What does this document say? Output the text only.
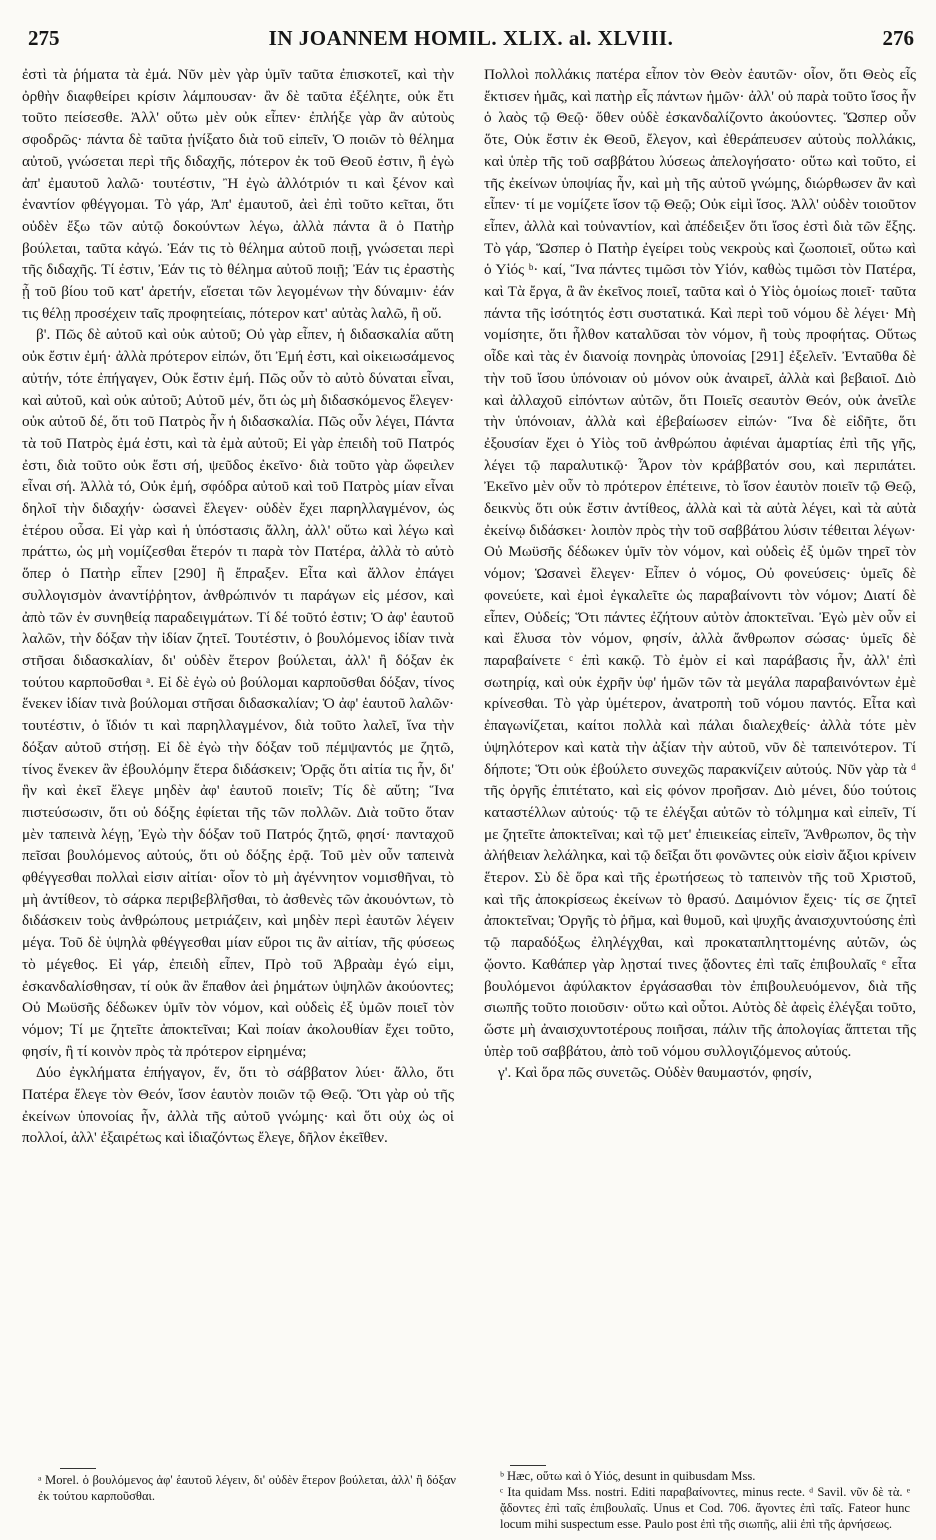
275	IN JOANNEM HOMIL. XLIX. al. XLVIII.	276

ἐστὶ τὰ ῥήματα τὰ ἐμά. Νῦν μὲν γὰρ ὑμῖν ταῦτα ἐπισκοτεῖ, καὶ τὴν ὀρθὴν διαφθείρει κρίσιν λάμπουσαν· ἂν δὲ ταῦτα ἐξέλητε, οὐκ ἔτι τοῦτο πείσεσθε. Ἀλλ' οὕτω μὲν οὐκ εἶπεν· ἐπλήξε γὰρ ἂν αὐτοὺς σφοδρῶς· πάντα δὲ ταῦτα ᾐνίξατο διὰ τοῦ εἰπεῖν, Ὁ ποιῶν τὸ θέλημα αὐτοῦ, γνώσεται περὶ τῆς διδαχῆς, πότερον ἐκ τοῦ Θεοῦ ἐστιν, ἢ ἐγὼ ἀπ' ἐμαυτοῦ λαλῶ· τουτέστιν, Ἢ ἐγὼ ἀλλότριόν τι καὶ ξένον καὶ ἐναντίον φθέγγομαι. Τὸ γάρ, Ἀπ' ἐμαυτοῦ, ἀεὶ ἐπὶ τοῦτο κεῖται, ὅτι οὐδὲν ἔξω τῶν αὐτῷ δοκούντων λέγω, ἀλλὰ πάντα ἃ ὁ Πατὴρ βούλεται, ταῦτα κἀγώ. Ἐάν τις τὸ θέλημα αὐτοῦ ποιῇ, γνώσεται περὶ τῆς διδαχῆς. Τί ἐστιν, Ἐάν τις τὸ θέλημα αὐτοῦ ποιῇ; Ἐάν τις ἐραστὴς ᾖ τοῦ βίου τοῦ κατ' ἀρετήν, εἴσεται τῶν λεγομένων τὴν δύναμιν· ἐάν τις θέλῃ προσέχειν ταῖς προφητείαις, πότερον κατ' αὐτὰς λαλῶ, ἢ οὔ.

β'. Πῶς δὲ αὐτοῦ καὶ οὐκ αὐτοῦ; Οὐ γὰρ εἶπεν, ἡ διδασκαλία αὕτη οὐκ ἔστιν ἐμή· ἀλλὰ πρότερον εἰπών, ὅτι Ἐμή ἐστι, καὶ οἰκειωσάμενος αὐτήν, τότε ἐπήγαγεν, Οὐκ ἔστιν ἐμή. Πῶς οὖν τὸ αὐτὸ δύναται εἶναι, καὶ αὐτοῦ, καὶ οὐκ αὐτοῦ; Αὐτοῦ μέν, ὅτι ὡς μὴ διδασκόμενος ἔλεγεν· οὐκ αὐτοῦ δέ, ὅτι τοῦ Πατρὸς ἦν ἡ διδασκαλία. Πῶς οὖν λέγει, Πάντα τὰ τοῦ Πατρὸς ἐμά ἐστι, καὶ τὰ ἐμὰ αὐτοῦ; Εἰ γὰρ ἐπειδὴ τοῦ Πατρός ἐστι, διὰ τοῦτο οὐκ ἔστι σή, ψεῦδος ἐκεῖνο· διὰ τοῦτο γὰρ ὤφειλεν εἶναι σή. Ἀλλὰ τό, Οὐκ ἐμή, σφόδρα αὐτοῦ καὶ τοῦ Πατρὸς μίαν εἶναι δηλοῖ τὴν διδαχήν· ὡσανεὶ ἔλεγεν· οὐδὲν ἔχει παρηλλαγμένον, ὡς ἑτέρου οὖσα. Εἰ γὰρ καὶ ἡ ὑπόστασις ἄλλη, ἀλλ' οὕτω καὶ λέγω καὶ πράττω, ὡς μὴ νομίζεσθαι ἕτερόν τι παρὰ τὸν Πατέρα, ἀλλὰ τὸ αὐτὸ ὅπερ ὁ Πατὴρ εἶπεν [290] ἢ ἔπραξεν. Εἶτα καὶ ἄλλον ἐπάγει συλλογισμὸν ἀναντίῤῥητον, ἀνθρώπινόν τι παράγων εἰς μέσον, καὶ ἀπὸ τῶν ἐν συνηθείᾳ παραδειγμάτων. Τί δέ τοῦτό ἐστιν; Ὁ ἀφ' ἑαυτοῦ λαλῶν, τὴν δόξαν τὴν ἰδίαν ζητεῖ. Τουτέστιν, ὁ βουλόμενος ἰδίαν τινὰ στῆσαι διδασκαλίαν, δι' οὐδὲν ἕτερον βούλεται, ἀλλ' ἢ δόξαν ἐκ τούτου καρποῦσθαι ᵃ. Εἰ δὲ ἐγὼ οὐ βούλομαι καρποῦσθαι δόξαν, τίνος ἕνεκεν ἰδίαν τινὰ βούλομαι στῆσαι διδασκαλίαν; Ὁ ἀφ' ἑαυτοῦ λαλῶν· τουτέστιν, ὁ ἴδιόν τι καὶ παρηλλαγμένον, διὰ τοῦτο λαλεῖ, ἵνα τὴν δόξαν αὐτοῦ στήσῃ. Εἰ δὲ ἐγὼ τὴν δόξαν τοῦ πέμψαντός με ζητῶ, τίνος ἕνεκεν ἂν ἐβουλόμην ἕτερα διδάσκειν; Ὁρᾷς ὅτι αἰτία τις ἦν, δι' ἣν καὶ ἐκεῖ ἔλεγε μηδὲν ἀφ' ἑαυτοῦ ποιεῖν; Τίς δὲ αὕτη; Ἵνα πιστεύσωσιν, ὅτι οὐ δόξης ἐφίεται τῆς τῶν πολλῶν. Διὰ τοῦτο ὅταν μὲν ταπεινὰ λέγῃ, Ἐγὼ τὴν δόξαν τοῦ Πατρός ζητῶ, φησί· πανταχοῦ πεῖσαι βουλόμενος αὐτούς, ὅτι οὐ δόξης ἐρᾷ. Τοῦ μὲν οὖν ταπεινὰ φθέγγεσθαι πολλαὶ εἰσιν αἰτίαι· οἷον τὸ μὴ ἀγέννητον νομισθῆναι, τὸ μὴ ἀντίθεον, τὸ σάρκα περιβεβλῆσθαι, τὸ ἀσθενὲς τῶν ἀκουόντων, τὸ διδάσκειν τοὺς ἀνθρώπους μετριάζειν, καὶ μηδὲν περὶ ἑαυτῶν λέγειν μέγα. Τοῦ δὲ ὑψηλὰ φθέγγεσθαι μίαν εὕροι τις ἂν αἰτίαν, τῆς φύσεως τὸ μέγεθος. Εἰ γάρ, ἐπειδὴ εἶπεν, Πρὸ τοῦ Ἀβραὰμ ἐγώ εἰμι, ἐσκανδαλίσθησαν, τί οὐκ ἂν ἔπαθον ἀεὶ ῥημάτων ὑψηλῶν ἀκούοντες; Οὐ Μωϋσῆς δέδωκεν ὑμῖν τὸν νόμον, καὶ οὐδεὶς ἐξ ὑμῶν ποιεῖ τὸν νόμον; Τί με ζητεῖτε ἀποκτεῖναι; Καὶ ποίαν ἀκολουθίαν ἔχει τοῦτο, φησίν, ἢ τί κοινὸν πρὸς τὰ πρότερον εἰρημένα;

Δύο ἐγκλήματα ἐπήγαγον, ἕν, ὅτι τὸ σάββατον λύει· ἄλλο, ὅτι Πατέρα ἔλεγε τὸν Θεόν, ἴσον ἑαυτὸν ποιῶν τῷ Θεῷ. Ὅτι γὰρ οὐ τῆς ἐκείνων ὑπονοίας ἦν, ἀλλὰ τῆς αὐτοῦ γνώμης· καὶ ὅτι οὐχ ὡς οἱ πολλοί, ἀλλ' ἐξαιρέτως καὶ ἰδιαζόντως ἔλεγε, δῆλον ἐκεῖθεν.

Πολλοὶ πολλάκις πατέρα εἶπον τὸν Θεὸν ἑαυτῶν· οἷον, ὅτι Θεὸς εἷς ἔκτισεν ἡμᾶς, καὶ πατὴρ εἷς πάντων ἡμῶν· ἀλλ' οὐ παρὰ τοῦτο ἴσος ἦν ὁ λαὸς τῷ Θεῷ· ὅθεν οὐδὲ ἐσκανδαλίζοντο ἀκούοντες. Ὥσπερ οὖν ὅτε, Οὐκ ἔστιν ἐκ Θεοῦ, ἔλεγον, καὶ ἐθεράπευσεν αὐτοὺς πολλάκις, καὶ ὑπὲρ τῆς τοῦ σαββάτου λύσεως ἀπελογήσατο· οὕτω καὶ τοῦτο, εἰ τῆς ἐκείνων ὑποψίας ἦν, καὶ μὴ τῆς αὐτοῦ γνώμης, διώρθωσεν ἂν καὶ εἶπεν· τί με νομίζετε ἴσον τῷ Θεῷ; Οὐκ εἰμὶ ἴσος. Ἀλλ' οὐδὲν τοιοῦτον εἶπεν, ἀλλὰ καὶ τοὐναντίον, καὶ ἀπέδειξεν ὅτι ἴσος ἐστὶ διὰ τῶν ἔξης. Τὸ γάρ, Ὥσπερ ὁ Πατὴρ ἐγείρει τοὺς νεκροὺς καὶ ζωοποιεῖ, οὕτω καὶ ὁ Υἱός ᵇ· καί, Ἵνα πάντες τιμῶσι τὸν Υἱόν, καθὼς τιμῶσι τὸν Πατέρα, καὶ Τὰ ἔργα, ἃ ἂν ἐκεῖνος ποιεῖ, ταῦτα καὶ ὁ Υἱὸς ὁμοίως ποιεῖ· ταῦτα πάντα τῆς ἰσότητός ἐστι συστατικά. Καὶ περὶ τοῦ νόμου δὲ λέγει· Μὴ νομίσητε, ὅτι ἦλθον καταλῦσαι τὸν νόμον, ἢ τοὺς προφήτας. Οὕτως οἶδε καὶ τὰς ἐν διανοίᾳ πονηρὰς ὑπονοίας [291] ἐξελεῖν. Ἐνταῦθα δὲ τὴν τοῦ ἴσου ὑπόνοιαν οὐ μόνον οὐκ ἀναιρεῖ, ἀλλὰ καὶ βεβαιοῖ. Διὸ καὶ ἀλλαχοῦ εἰπόντων αὐτῶν, ὅτι Ποιεῖς σεαυτὸν Θεόν, οὐκ ἀνεῖλε τὴν ὑπόνοιαν, ἀλλὰ καὶ ἐβεβαίωσεν εἰπών· Ἵνα δὲ εἰδῆτε, ὅτι ἐξουσίαν ἔχει ὁ Υἱὸς τοῦ ἀνθρώπου ἀφιέναι ἁμαρτίας ἐπὶ τῆς γῆς, λέγει τῷ παραλυτικῷ· Ἆρον τὸν κράββατόν σου, καὶ περιπάτει. Ἐκεῖνο μὲν οὖν τὸ πρότερον ἐπέτεινε, τὸ ἴσον ἑαυτὸν ποιεῖν τῷ Θεῷ, δεικνὺς ὅτι οὐκ ἔστιν ἀντίθεος, ἀλλὰ καὶ τὰ αὐτὰ λέγει, καὶ τὰ αὐτὰ ἐκείνῳ διδάσκει· λοιπὸν πρὸς τὴν τοῦ σαββάτου λύσιν τέθειται λέγων· Οὐ Μωϋσῆς δέδωκεν ὑμῖν τὸν νόμον, καὶ οὐδεὶς ἐξ ὑμῶν τηρεῖ τὸν νόμον; Ὡσανεὶ ἔλεγεν· Εἶπεν ὁ νόμος, Οὐ φονεύσεις· ὑμεῖς δὲ φονεύετε, καὶ ἐμοὶ ἐγκαλεῖτε ὡς παραβαίνοντι τὸν νόμον; Διατί δὲ εἶπεν, Οὐδείς; Ὅτι πάντες ἐζήτουν αὐτὸν ἀποκτεῖναι. Ἐγὼ μὲν οὖν εἰ καὶ ἔλυσα τὸν νόμον, φησίν, ἀλλὰ ἄνθρωπον σώσας· ὑμεῖς δὲ παραβαίνετε ᶜ ἐπὶ κακῷ. Τὸ ἐμὸν εἰ καὶ παράβασις ἦν, ἀλλ' ἐπὶ σωτηρίᾳ, καὶ οὐκ ἐχρῆν ὑφ' ἡμῶν τῶν τὰ μεγάλα παραβαινόντων ἐμὲ κρίνεσθαι. Τὸ γὰρ ὑμέτερον, ἀνατροπὴ τοῦ νόμου παντός. Εἶτα καὶ ἐπαγωνίζεται, καίτοι πολλὰ καὶ πάλαι διαλεχθείς· ἀλλὰ τότε μὲν ὑψηλότερον καὶ κατὰ τὴν ἀξίαν τὴν αὐτοῦ, νῦν δὲ ταπεινότερον. Τί δήποτε; Ὅτι οὐκ ἐβούλετο συνεχῶς παρακνίζειν αὐτούς. Νῦν γὰρ τὰ ᵈ τῆς ὀργῆς ἐπιτέτατο, καὶ εἰς φόνον προῆσαν. Διὸ μένει, δύο τούτοις καταστέλλων αὐτούς· τῷ τε ἐλέγξαι αὐτῶν τὸ τόλμημα καὶ εἰπεῖν, Τί με ζητεῖτε ἀποκτεῖναι; καὶ τῷ μετ' ἐπιεικείας εἰπεῖν, Ἄνθρωπον, ὃς τὴν ἀλήθειαν λελάληκα, καὶ τῷ δεῖξαι ὅτι φονῶντες οὐκ εἰσὶν ἄξιοι κρίνειν ἕτερον. Σὺ δὲ ὅρα καὶ τῆς ἐρωτήσεως τὸ ταπεινὸν τῆς τοῦ Χριστοῦ, καὶ τῆς ἀποκρίσεως ἐκείνων τὸ θρασύ. Δαιμόνιον ἔχεις· τίς σε ζητεῖ ἀποκτεῖναι; Ὀργῆς τὸ ῥῆμα, καὶ θυμοῦ, καὶ ψυχῆς ἀναισχυντούσης ἐπὶ τῷ παραδόξως ἐληλέγχθαι, καὶ προκαταπληττομένης αὐτῶν, ὡς ᾤοντο. Καθάπερ γὰρ λῃσταί τινες ᾄδοντες ἐπὶ ταῖς ἐπιβουλαῖς ᵉ εἶτα βουλόμενοι ἀφύλακτον ἐργάσασθαι τὸν ἐπιβουλευόμενον, διὰ τῆς σιωπῆς τοῦτο ποιοῦσιν· οὕτω καὶ οὗτοι. Αὐτὸς δὲ ἀφεὶς ἐλέγξαι τοῦτο, ὥστε μὴ ἀναισχυντοτέρους ποιῆσαι, πάλιν τῆς ἀπολογίας ἅπτεται τῆς ὑπὲρ τοῦ σαββάτου, ἀπὸ τοῦ νόμου συλλογιζόμενος αὐτούς.

γ'. Καὶ ὅρα πῶς συνετῶς. Οὐδὲν θαυμαστόν, φησίν,

ᵃ Morel. ὁ βουλόμενος ἀφ' ἑαυτοῦ λέγειν, δι' οὐδὲν ἕτερον βούλεται, ἀλλ' ἢ δόξαν ἐκ τούτου καρποῦσθαι.
ᵇ Hæc, οὕτω καὶ ὁ Υἱός, desunt in quibusdam Mss.
ᶜ Ita quidam Mss. nostri. Editi παραβαίνοντες, minus recte. ᵈ Savil. νῦν δὲ τὰ. ᵉ ᾄδοντες ἐπὶ ταῖς ἐπιβουλαῖς. Unus et Cod. 706. ἄγοντες ἐπὶ ταῖς. Fateor hunc locum mihi suspectum esse. Paulo post ἐπὶ τῆς σιωπῆς, alii ἐπὶ τῆς ἀρνήσεως.
